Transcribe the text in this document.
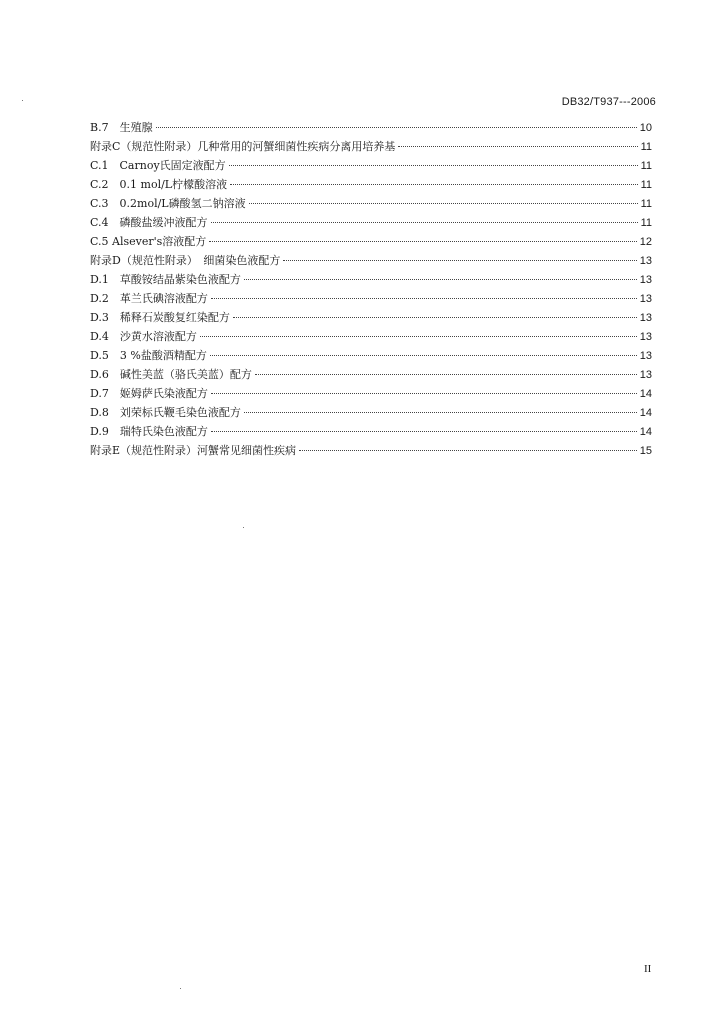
DB32/T937---2006
B.7　生殖腺	10
附录C（规范性附录）几种常用的河蟹细菌性疾病分离用培养基	11
C.1　Carnoy氏固定液配方	11
C.2　0.1 mol/L柠檬酸溶液	11
C.3　0.2mol/L磷酸氢二钠溶液	11
C.4　磷酸盐缓冲液配方	11
C.5 Alsever's溶液配方	12
附录D（规范性附录）　细菌染色液配方	13
D.1　草酸铵结晶紫染色液配方	13
D.2　革兰氏碘溶液配方	13
D.3　稀释石炭酸复红染配方	13
D.4　沙黄水溶液配方	13
D.5　3 %盐酸酒精配方	13
D.6　碱性美蓝（骆氏美蓝）配方	13
D.7　姬姆萨氏染液配方	14
D.8　刘荣标氏鞭毛染色液配方	14
D.9　瑞特氏染色液配方	14
附录E（规范性附录）河蟹常见细菌性疾病	15
II
